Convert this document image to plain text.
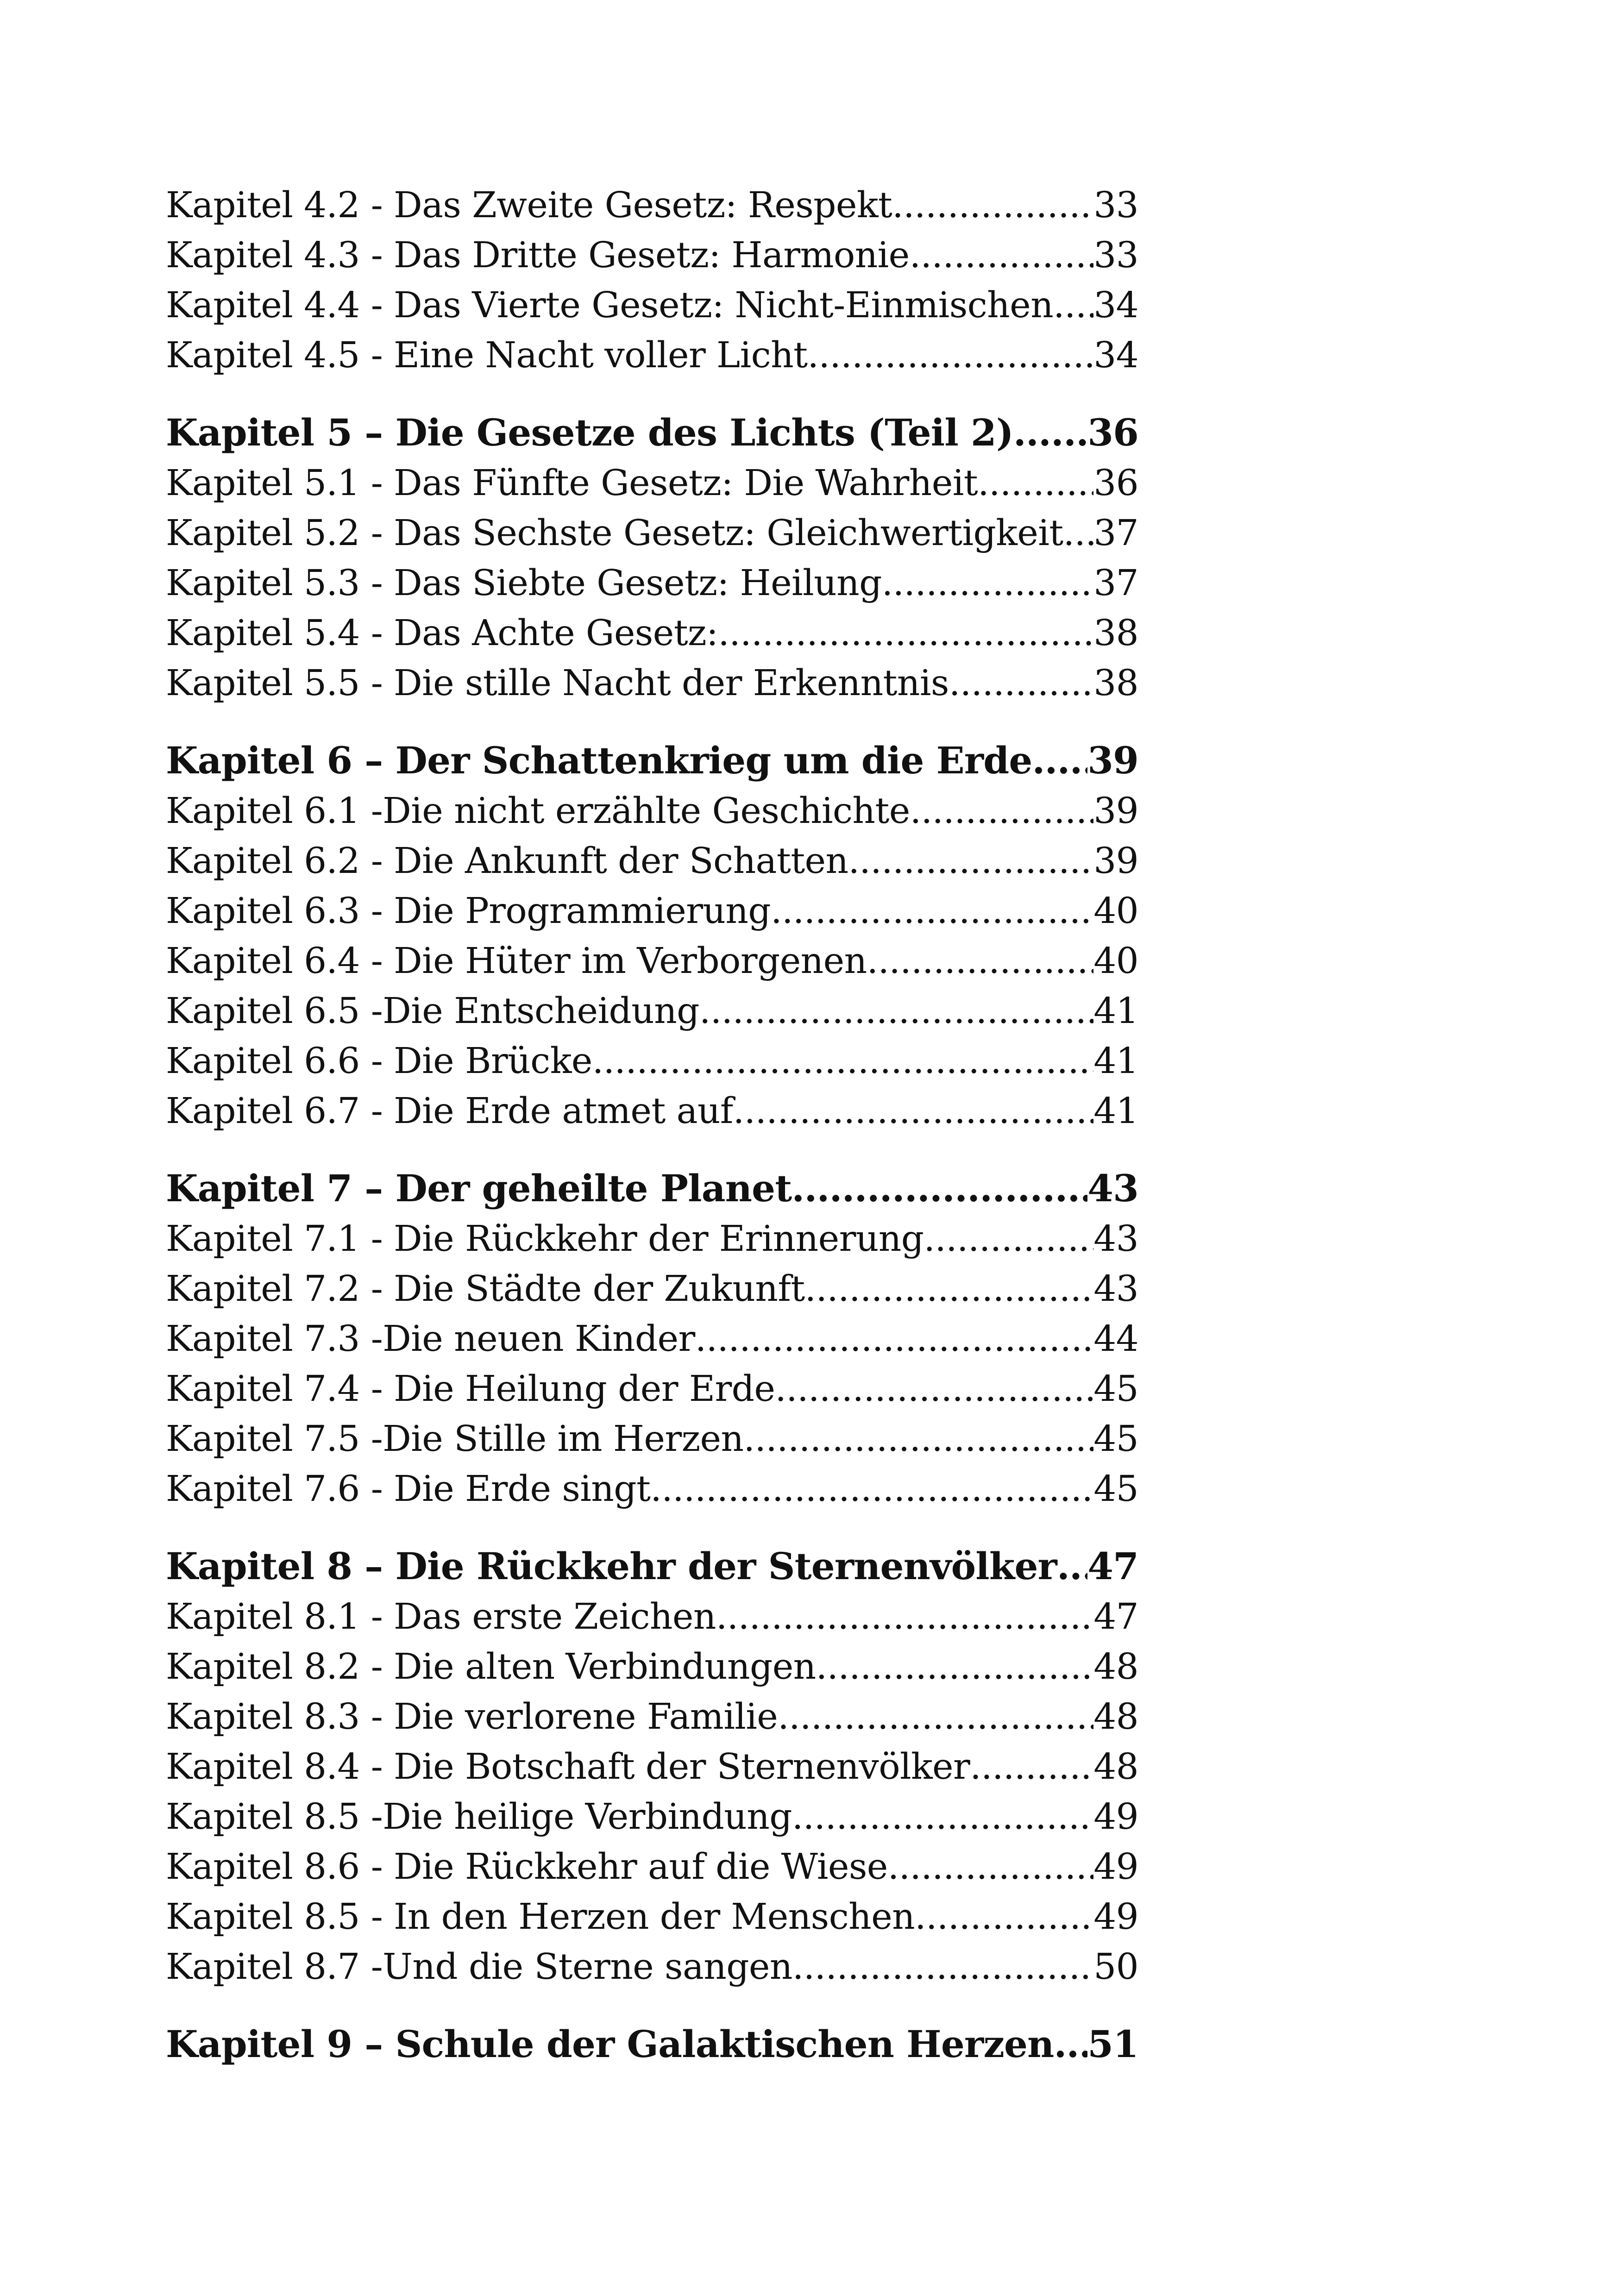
Kapitel 4.2 - Das Zweite Gesetz: Respekt .....	33
Kapitel 4.3 - Das Dritte Gesetz: Harmonie .....	33
Kapitel 4.4 - Das Vierte Gesetz: Nicht-Einmischen ..... 34
Kapitel 4.5 - Eine Nacht voller Licht .....	34
Kapitel 5 – Die Gesetze des Lichts (Teil 2) ..... 36
Kapitel 5.1 - Das Fünfte Gesetz: Die Wahrheit .....	36
Kapitel 5.2 - Das Sechste Gesetz: Gleichwertigkeit ..... 37
Kapitel 5.3 - Das Siebte Gesetz: Heilung .....	37
Kapitel 5.4 - Das Achte Gesetz: .....	38
Kapitel 5.5 - Die stille Nacht der Erkenntnis .....	38
Kapitel 6 – Der Schattenkrieg um die Erde ..... 39
Kapitel 6.1 -Die nicht erzählte Geschichte .....	39
Kapitel 6.2 - Die Ankunft der Schatten .....	39
Kapitel 6.3 - Die Programmierung .....	40
Kapitel 6.4 - Die Hüter im Verborgenen .....	40
Kapitel 6.5 -Die Entscheidung .....	41
Kapitel 6.6 - Die Brücke .....	41
Kapitel 6.7 - Die Erde atmet auf .....	41
Kapitel 7 – Der geheilte Planet .....	43
Kapitel 7.1 - Die Rückkehr der Erinnerung .....	43
Kapitel 7.2 - Die Städte der Zukunft .....	43
Kapitel 7.3 -Die neuen Kinder .....	44
Kapitel 7.4 - Die Heilung der Erde .....	45
Kapitel 7.5 -Die Stille im Herzen .....	45
Kapitel 7.6 - Die Erde singt .....	45
Kapitel 8 – Die Rückkehr der Sternenvölker ..... 47
Kapitel 8.1 - Das erste Zeichen .....	47
Kapitel 8.2 - Die alten Verbindungen .....	48
Kapitel 8.3 - Die verlorene Familie .....	48
Kapitel 8.4 - Die Botschaft der Sternenvölker .....	48
Kapitel 8.5 -Die heilige Verbindung .....	49
Kapitel 8.6 - Die Rückkehr auf die Wiese .....	49
Kapitel 8.5 - In den Herzen der Menschen .....	49
Kapitel 8.7 -Und die Sterne sangen .....	50
Kapitel 9 – Schule der Galaktischen Herzen ..... 51
